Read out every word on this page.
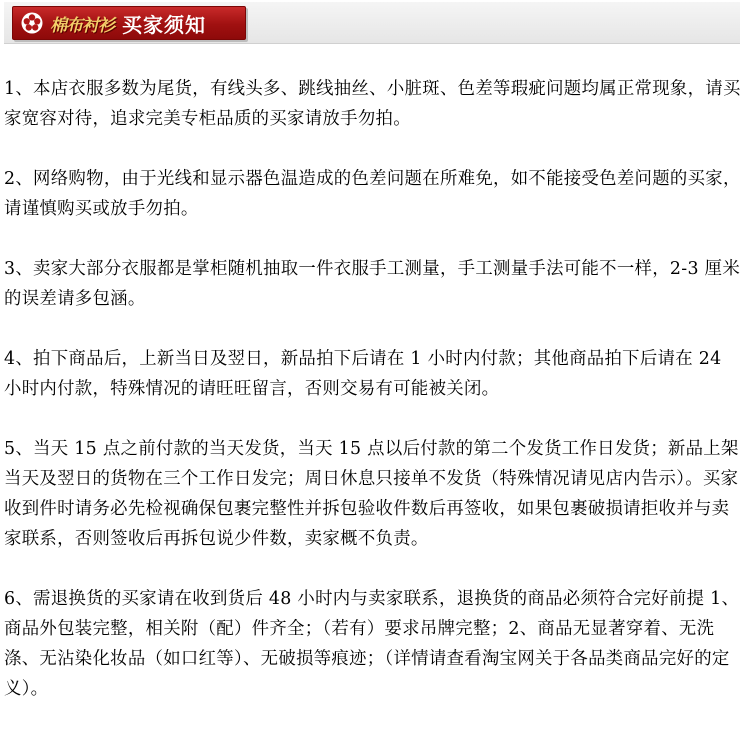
棉布衬衫 买家须知

1、本店衣服多数为尾货，有线头多、跳线抽丝、小脏斑、色差等瑕疵问题均属正常现象，请买家宽容对待，追求完美专柜品质的买家请放手勿拍。

2、网络购物，由于光线和显示器色温造成的色差问题在所难免，如不能接受色差问题的买家，请谨慎购买或放手勿拍。

3、卖家大部分衣服都是掌柜随机抽取一件衣服手工测量，手工测量手法可能不一样，2-3 厘米的误差请多包涵。

4、拍下商品后，上新当日及翌日，新品拍下后请在 1 小时内付款；其他商品拍下后请在 24 小时内付款，特殊情况的请旺旺留言，否则交易有可能被关闭。

5、当天 15 点之前付款的当天发货，当天 15 点以后付款的第二个发货工作日发货；新品上架当天及翌日的货物在三个工作日发完；周日休息只接单不发货（特殊情况请见店内告示）。买家收到件时请务必先检视确保包裹完整性并拆包验收件数后再签收，如果包裹破损请拒收并与卖家联系，否则签收后再拆包说少件数，卖家概不负责。

6、需退换货的买家请在收到货后 48 小时内与卖家联系，退换货的商品必须符合完好前提 1、商品外包装完整，相关附（配）件齐全；（若有）要求吊牌完整；2、商品无显著穿着、无洗涤、无沾染化妆品（如口红等）、无破损等痕迹；（详情请查看淘宝网关于各品类商品完好的定义）。
